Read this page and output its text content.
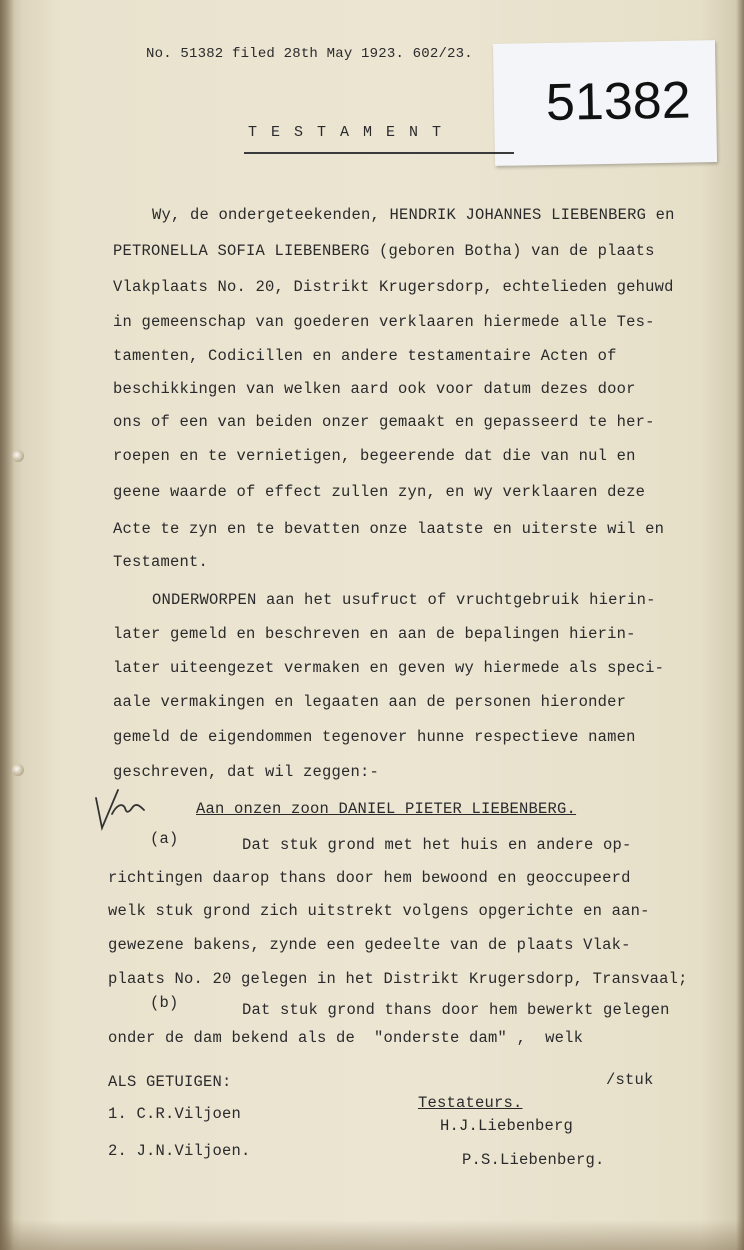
No. 51382 filed 28th May 1923. 602/23.
51382
TESTAMENT
Wy, de ondergeteekenden, HENDRIK JOHANNES LIEBENBERG en
PETRONELLA SOFIA LIEBENBERG (geboren Botha) van de plaats
Vlakplaats No. 20, Distrikt Krugersdorp, echtelieden gehuwd
in gemeenschap van goederen verklaaren hiermede alle Tes-
tamenten, Codicillen en andere testamentaire Acten of
beschikkingen van welken aard ook voor datum dezes door
ons of een van beiden onzer gemaakt en gepasseerd te her-
roepen en te vernietigen, begeerende dat die van nul en
geene waarde of effect zullen zyn, en wy verklaaren deze
Acte te zyn en te bevatten onze laatste en uiterste wil en
Testament.
ONDERWORPEN aan het usufruct of vruchtgebruik hierin-
later gemeld en beschreven en aan de bepalingen hierin-
later uiteengezet vermaken en geven wy hiermede als speci-
aale vermakingen en legaaten aan de personen hieronder
gemeld de eigendommen tegenover hunne respectieve namen
geschreven, dat wil zeggen:-
Aan onzen zoon DANIEL PIETER LIEBENBERG.
(a)	Dat stuk grond met het huis en andere op-
richtingen daarop thans door hem bewoond en geoccupeerd
welk stuk grond zich uitstrekt volgens opgerichte en aan-
gewezene bakens, zynde een gedeelte van de plaats Vlak-
plaats No. 20 gelegen in het Distrikt Krugersdorp, Transvaal;
(b)	Dat stuk grond thans door hem bewerkt gelegen
onder de dam bekend als de  "onderste dam" ,  welk
/stuk
ALS GETUIGEN:
1. C.R.Viljoen
2. J.N.Viljoen.
Testateurs.
H.J.Liebenberg
P.S.Liebenberg.
